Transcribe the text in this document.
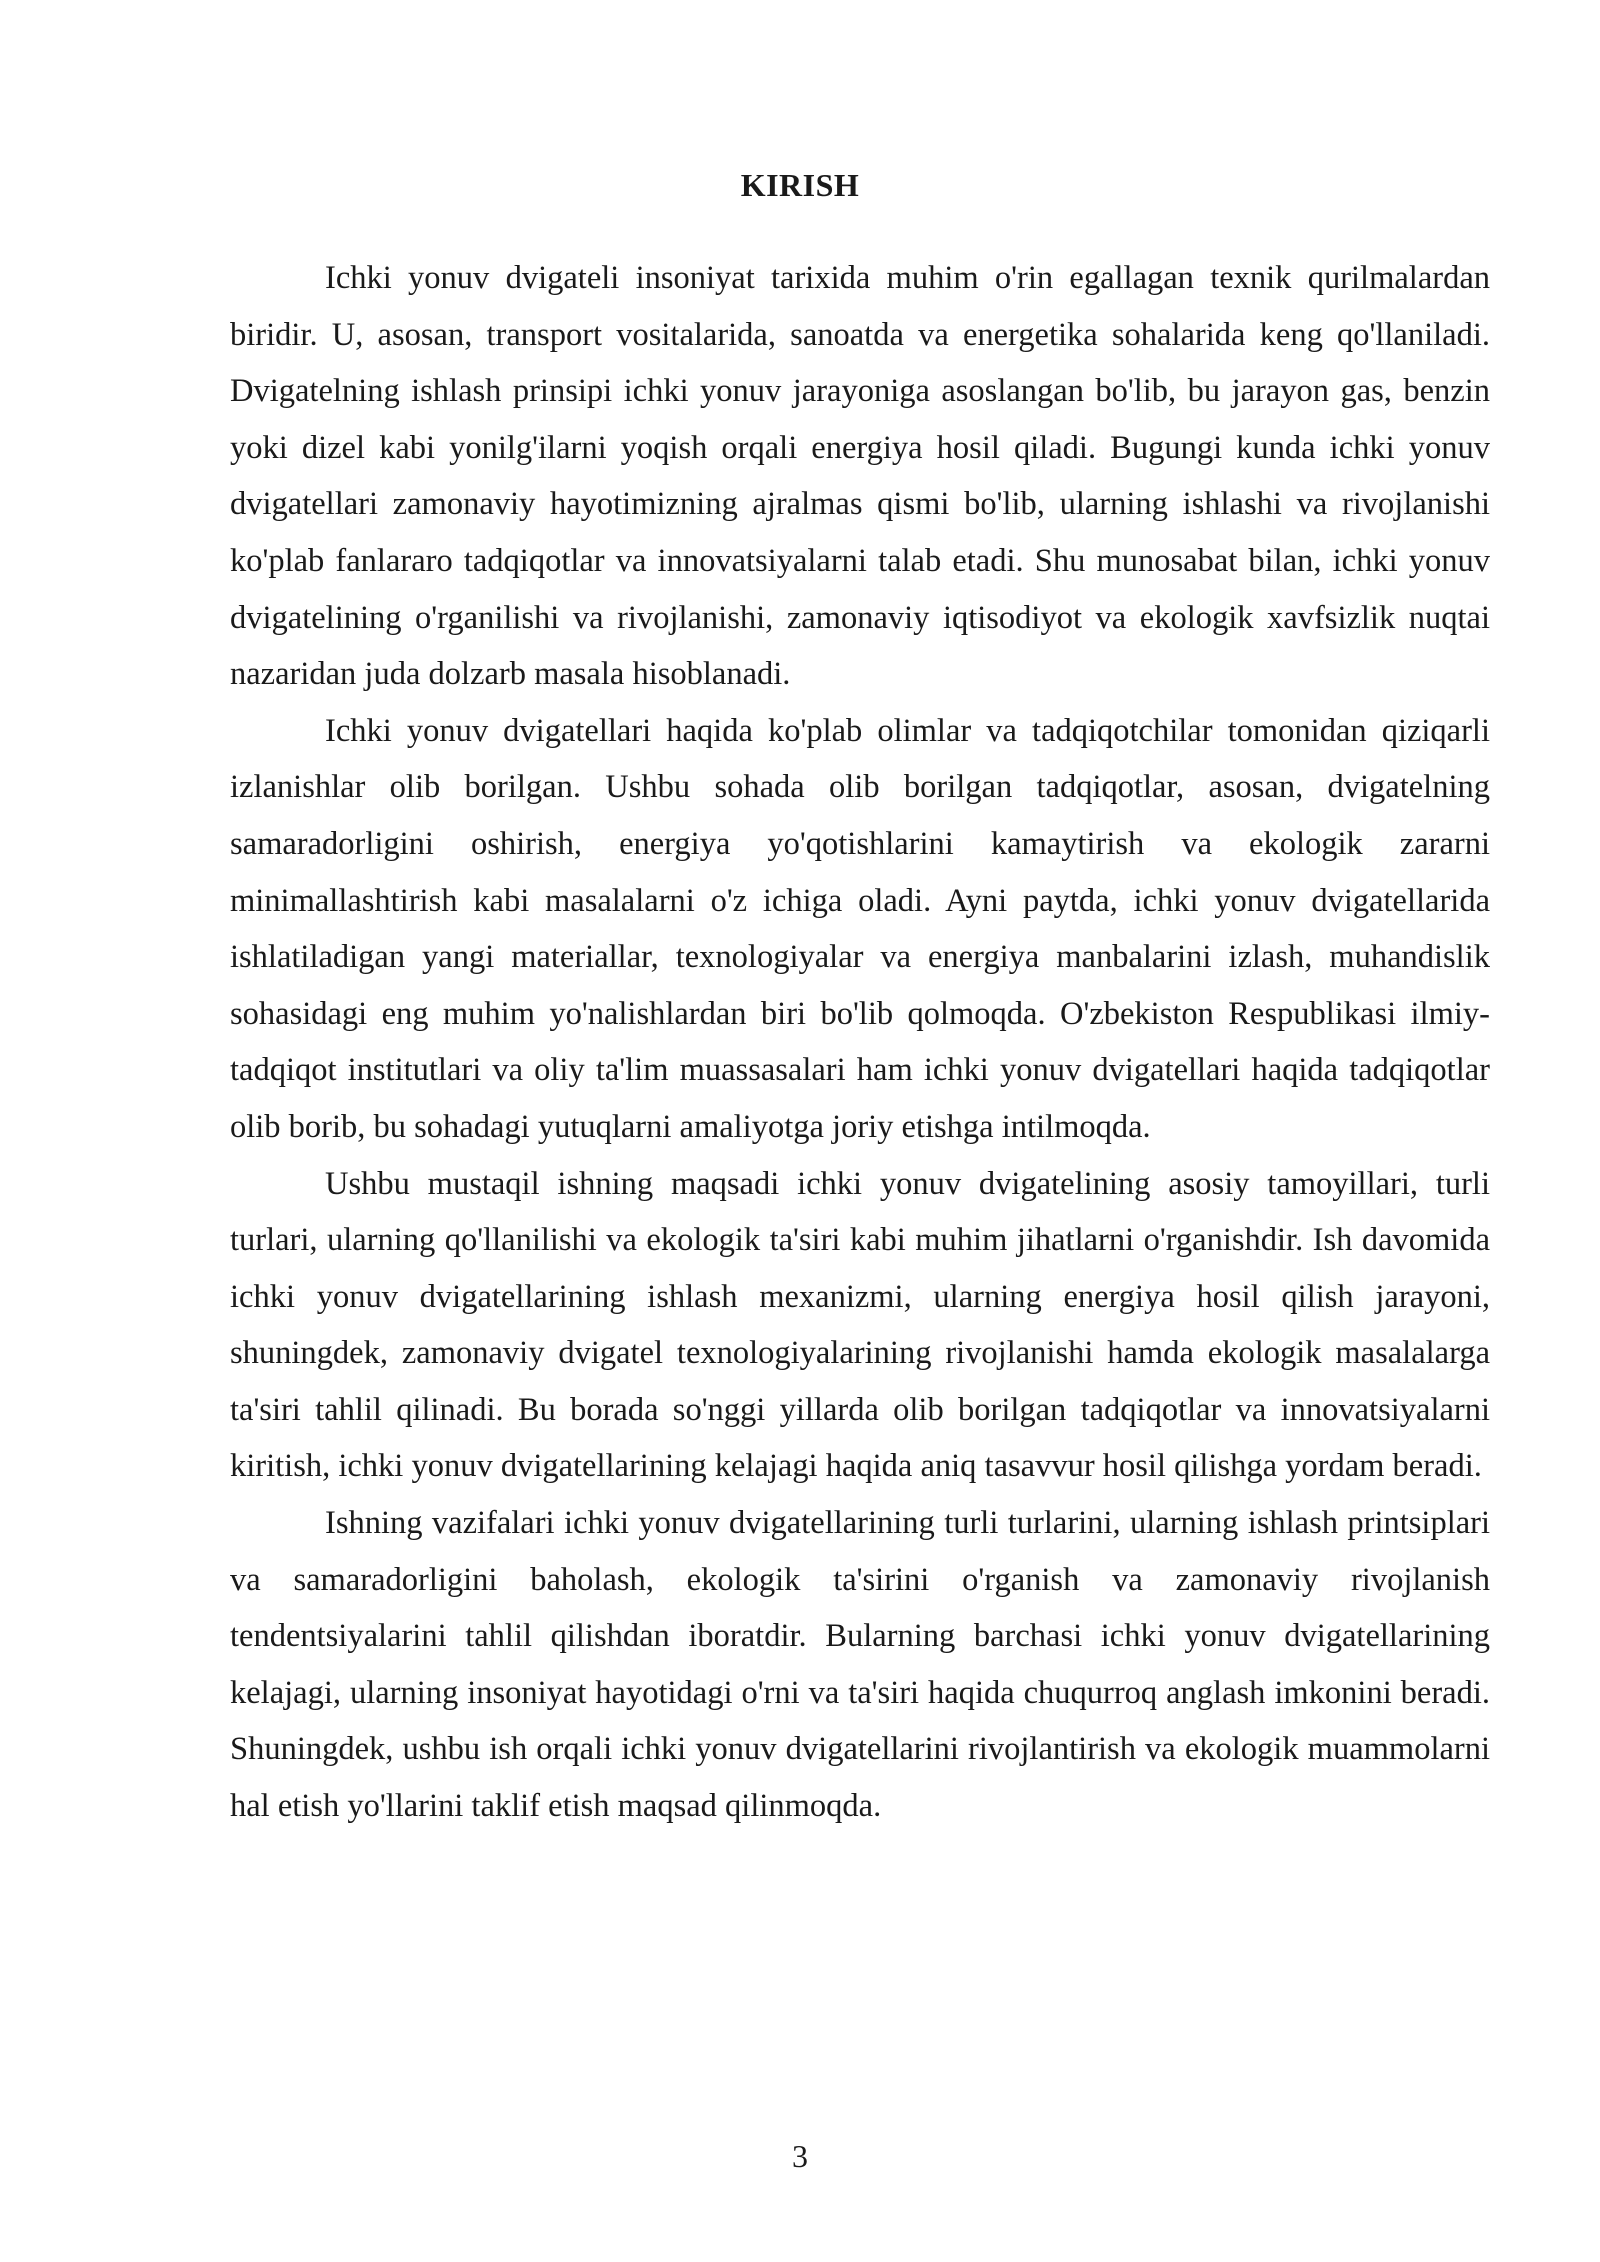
KIRISH

Ichki yonuv dvigateli insoniyat tarixida muhim o'rin egallagan texnik qurilmalardan biridir. U, asosan, transport vositalarida, sanoatda va energetika sohalarida keng qo'llaniladi. Dvigatelning ishlash prinsipi ichki yonuv jarayoniga asoslangan bo'lib, bu jarayon gas, benzin yoki dizel kabi yonilg'ilarni yoqish orqali energiya hosil qiladi. Bugungi kunda ichki yonuv dvigatellari zamonaviy hayotimizning ajralmas qismi bo'lib, ularning ishlashi va rivojlanishi ko'plab fanlararo tadqiqotlar va innovatsiyalarni talab etadi. Shu munosabat bilan, ichki yonuv dvigatelining o'rganilishi va rivojlanishi, zamonaviy iqtisodiyot va ekologik xavfsizlik nuqtai nazaridan juda dolzarb masala hisoblanadi.

Ichki yonuv dvigatellari haqida ko'plab olimlar va tadqiqotchilar tomonidan qiziqarli izlanishlar olib borilgan. Ushbu sohada olib borilgan tadqiqotlar, asosan, dvigatelning samaradorligini oshirish, energiya yo'qotishlarini kamaytirish va ekologik zararni minimallashtirish kabi masalalarni o'z ichiga oladi. Ayni paytda, ichki yonuv dvigatellarida ishlatiladigan yangi materiallar, texnologiyalar va energiya manbalarini izlash, muhandislik sohasidagi eng muhim yo'nalishlardan biri bo'lib qolmoqda. O'zbekiston Respublikasi ilmiy-tadqiqot institutlari va oliy ta'lim muassasalari ham ichki yonuv dvigatellari haqida tadqiqotlar olib borib, bu sohadagi yutuqlarni amaliyotga joriy etishga intilmoqda.

Ushbu mustaqil ishning maqsadi ichki yonuv dvigatelining asosiy tamoyillari, turli turlari, ularning qo'llanilishi va ekologik ta'siri kabi muhim jihatlarni o'rganishdir. Ish davomida ichki yonuv dvigatellarining ishlash mexanizmi, ularning energiya hosil qilish jarayoni, shuningdek, zamonaviy dvigatel texnologiyalarining rivojlanishi hamda ekologik masalalarga ta'siri tahlil qilinadi. Bu borada so'nggi yillarda olib borilgan tadqiqotlar va innovatsiyalarni kiritish, ichki yonuv dvigatellarining kelajagi haqida aniq tasavvur hosil qilishga yordam beradi.

Ishning vazifalari ichki yonuv dvigatellarining turli turlarini, ularning ishlash printsiplari va samaradorligini baholash, ekologik ta'sirini o'rganish va zamonaviy rivojlanish tendentsiyalarini tahlil qilishdan iboratdir. Bularning barchasi ichki yonuv dvigatellarining kelajagi, ularning insoniyat hayotidagi o'rni va ta'siri haqida chuqurroq anglash imkonini beradi. Shuningdek, ushbu ish orqali ichki yonuv dvigatellarini rivojlantirish va ekologik muammolarni hal etish yo'llarini taklif etish maqsad qilinmoqda.

3
